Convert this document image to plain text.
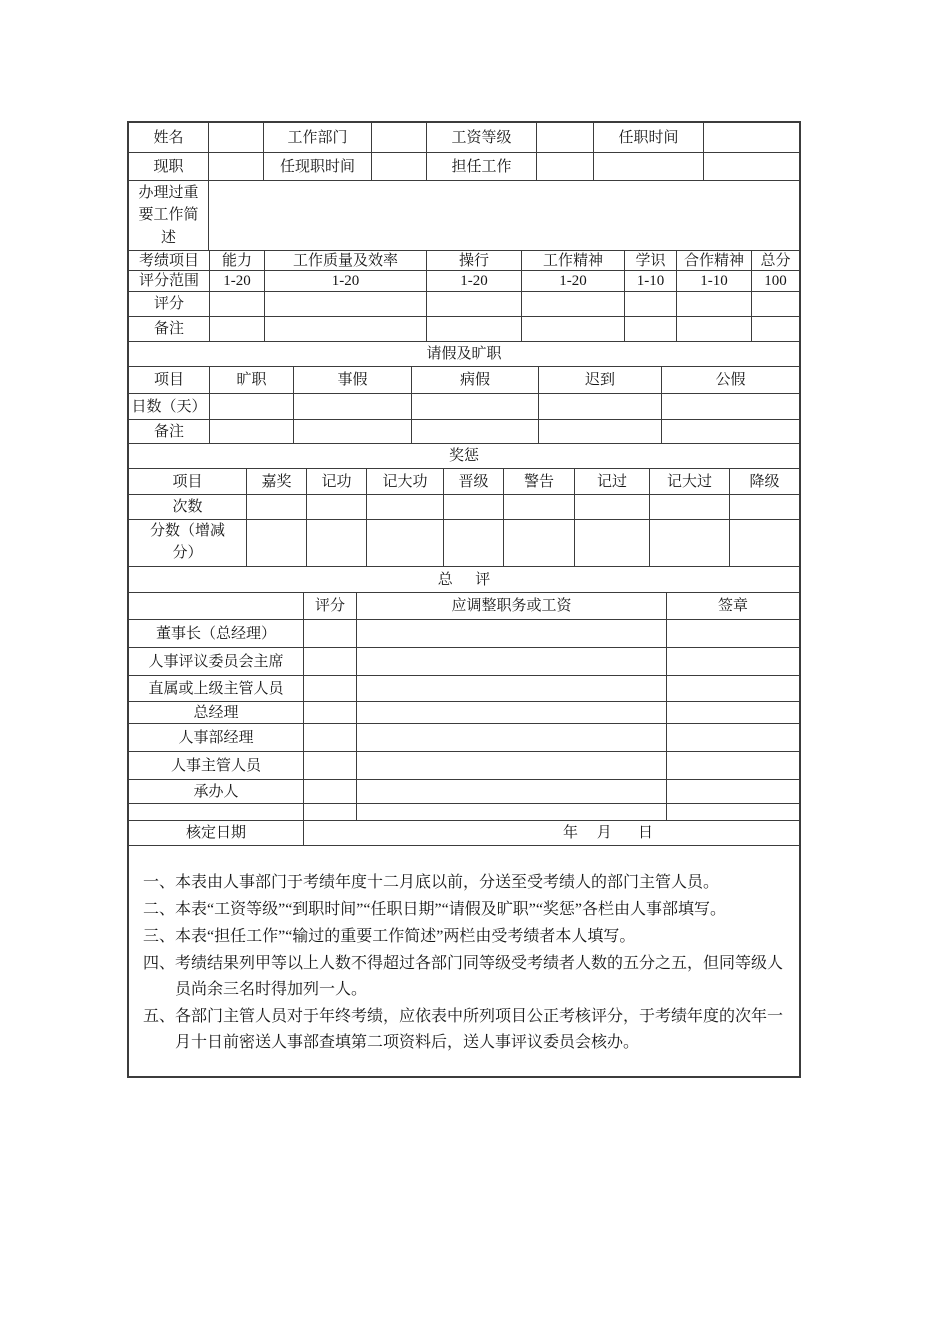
姓名	工作部门	工资等级	任职时间
现职	任现职时间	担任工作
办理过重要工作简述
考绩项目	能力	工作质量及效率	操行	工作精神	学识	合作精神	总分
评分范围	1-20	1-20	1-20	1-20	1-10	1-10	100
评分
备注
请假及旷职
项目	旷职	事假	病假	迟到	公假
日数（天）
备注
奖惩
项目	嘉奖	记功	记大功	晋级	警告	记过	记大过	降级
次数
分数（增减分）
总      评
评分	应调整职务或工资	签章
董事长（总经理）
人事评议委员会主席
直属或上级主管人员
总经理
人事部经理
人事主管人员
承办人
核定日期	年     月       日

一、本表由人事部门于考绩年度十二月底以前，分送至受考绩人的部门主管人员。

二、本表“工资等级”“到职时间”“任职日期”“请假及旷职”“奖惩”各栏由人事部填写。

三、本表“担任工作”“输过的重要工作简述”两栏由受考绩者本人填写。

四、考绩结果列甲等以上人数不得超过各部门同等级受考绩者人数的五分之五，但同等级人员尚余三名时得加列一人。

五、各部门主管人员对于年终考绩，应依表中所列项目公正考核评分，于考绩年度的次年一月十日前密送人事部查填第二项资料后，送人事评议委员会核办。
